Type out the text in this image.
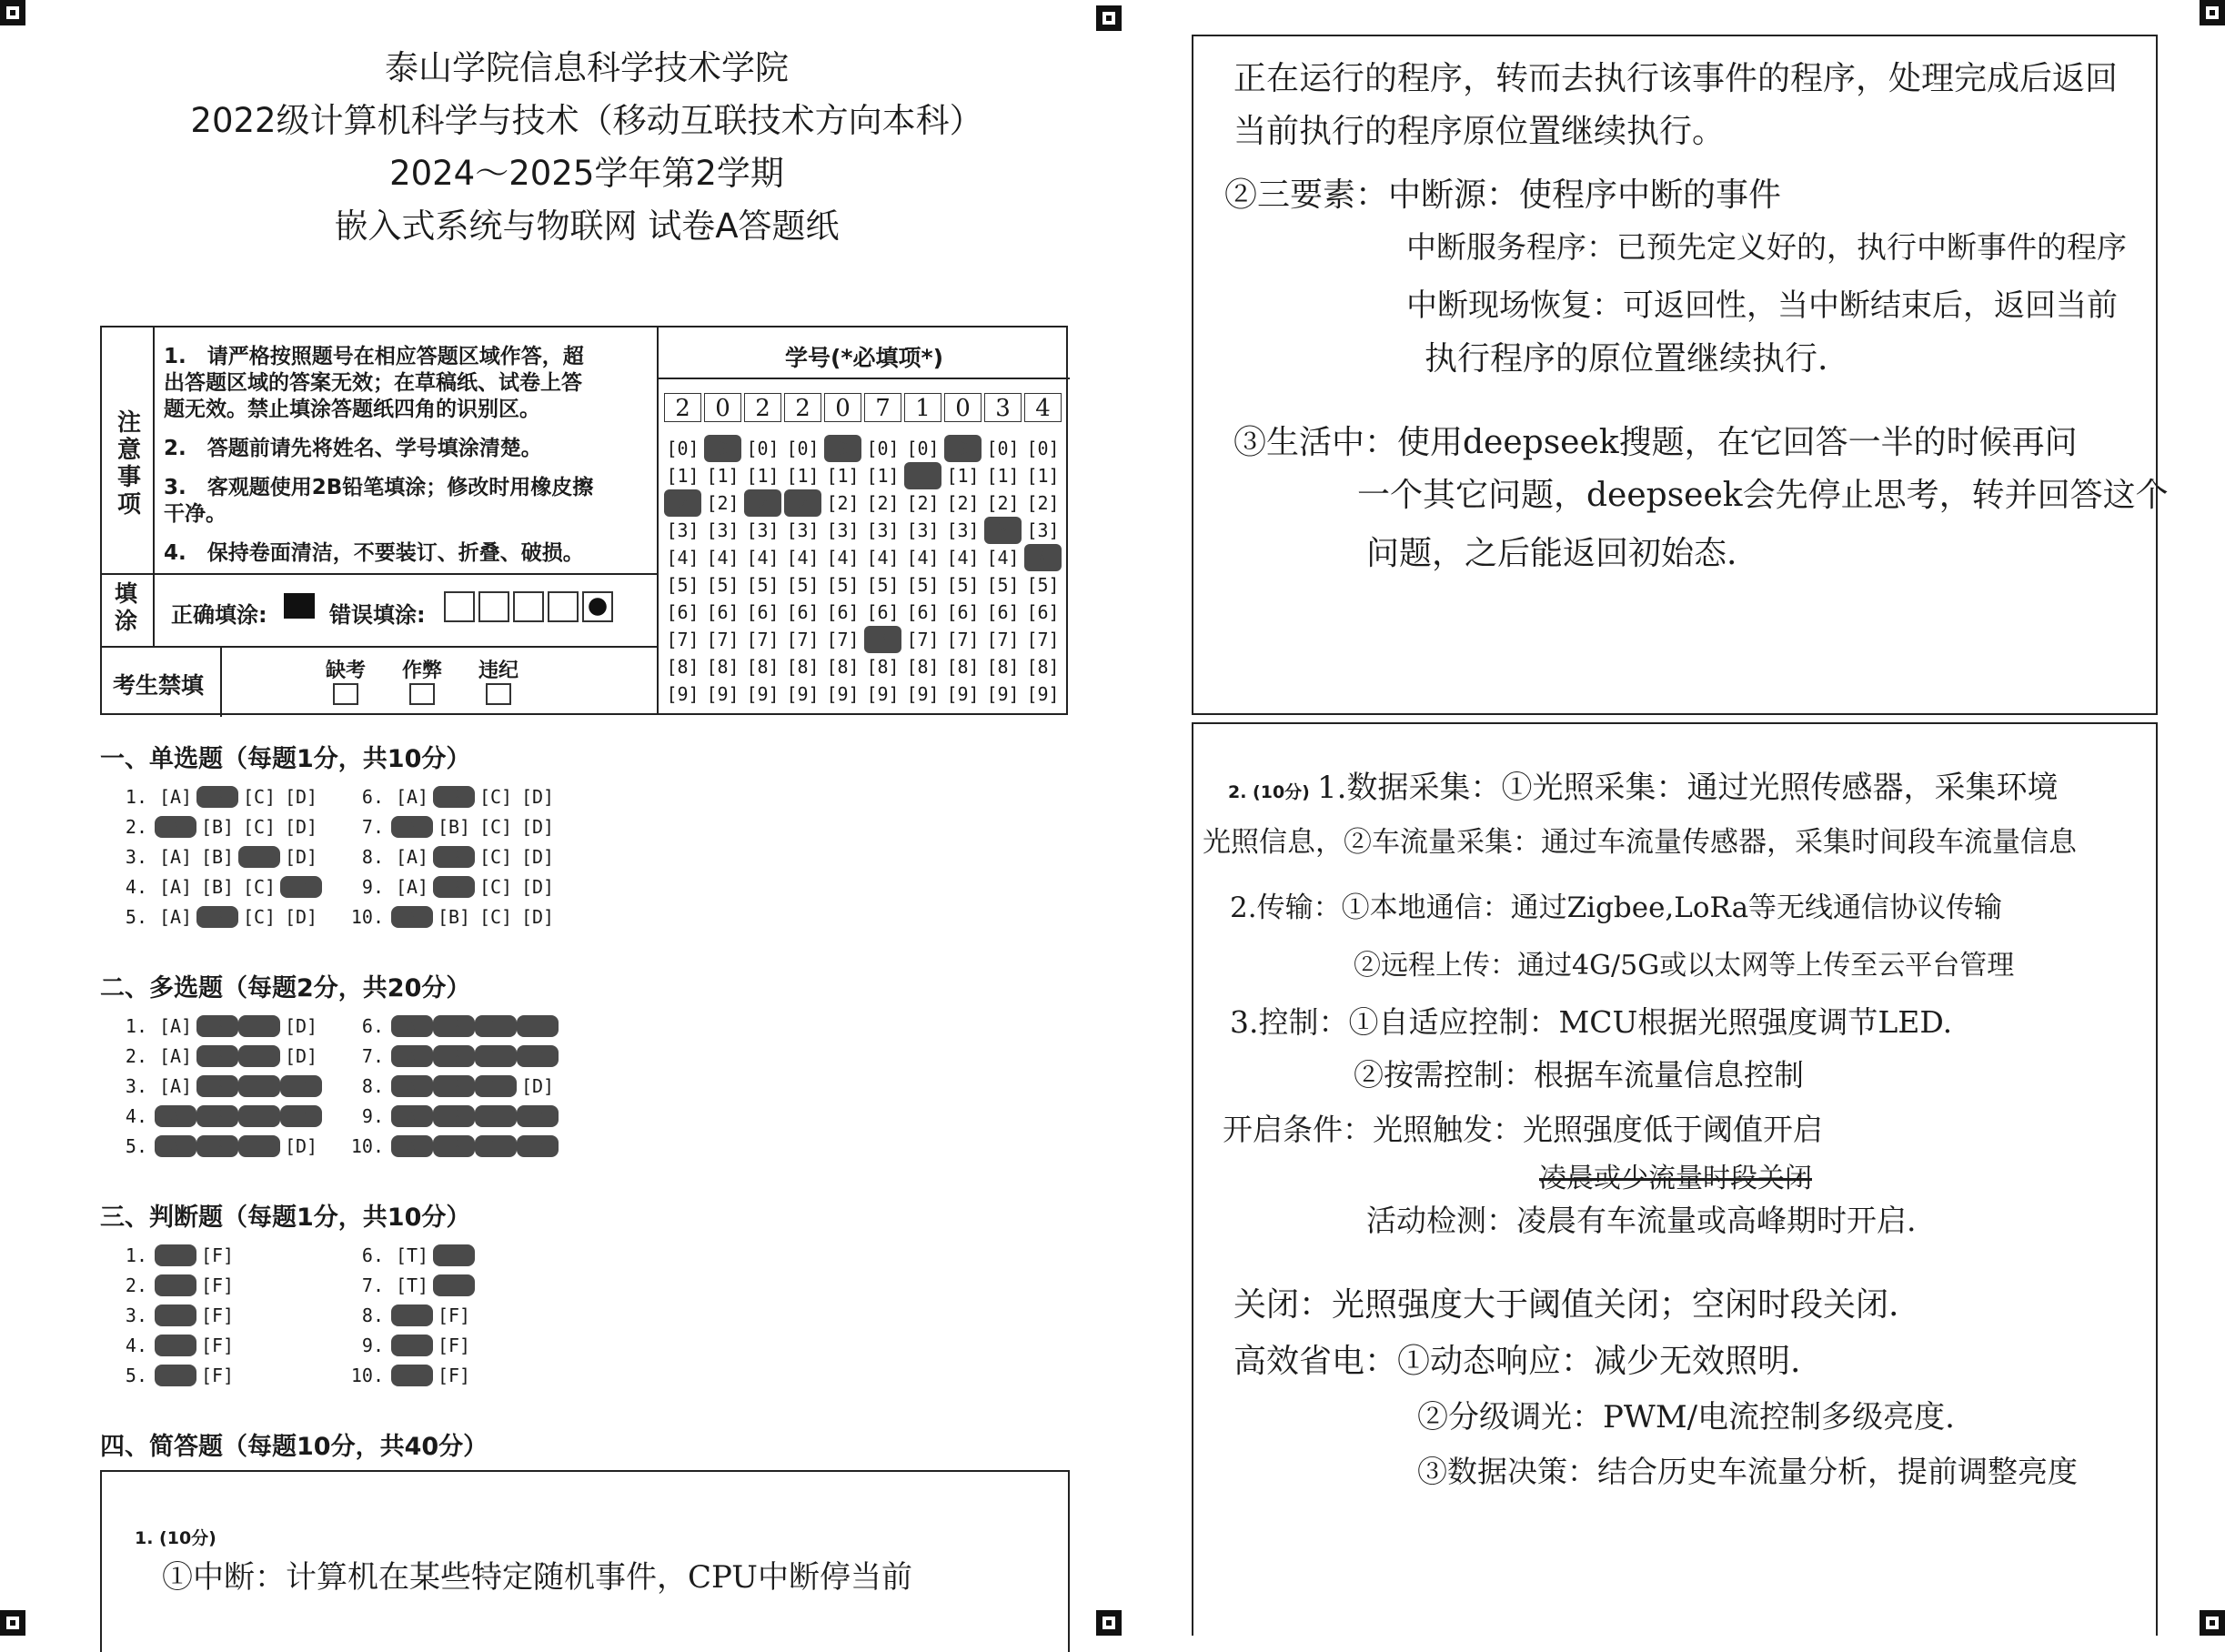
泰山学院信息科学技术学院
2022级计算机科学与技术（移动互联技术方向本科）
2024～2025学年第2学期
嵌入式系统与物联网 试卷A答题纸
注意事项
1.　请严格按照题号在相应答题区域作答，超
出答题区域的答案无效；在草稿纸、试卷上答
题无效。禁止填涂答题纸四角的识别区。
2.　答题前请先将姓名、学号填涂清楚。
3.　客观题使用2B铅笔填涂；修改时用橡皮擦
干净。
4.　保持卷面清洁，不要装订、折叠、破损。
填涂 正确填涂:	错误填涂:
考生禁填
缺考 作弊 违纪
学号(*必填项*)
2 0 2 2 0 7 1 0 3 4
[0] [0] [0] [0] [0] [0] [0] [0] [0] [0]
[1] [1] [1] [1] [1] [1] [1] [1] [1] [1]
[2] [2] [2] [2] [2] [2] [2] [2] [2] [2]
[3] [3] [3] [3] [3] [3] [3] [3] [3] [3]
[4] [4] [4] [4] [4] [4] [4] [4] [4] [4]
[5] [5] [5] [5] [5] [5] [5] [5] [5] [5]
[6] [6] [6] [6] [6] [6] [6] [6] [6] [6]
[7] [7] [7] [7] [7] [7] [7] [7] [7] [7]
[8] [8] [8] [8] [8] [8] [8] [8] [8] [8]
[9] [9] [9] [9] [9] [9] [9] [9] [9] [9]
一、单选题（每题1分，共10分）
1. [A] [B] [C] [D]
2. [A] [B] [C] [D]
3. [A] [B] [C] [D]
4. [A] [B] [C] [D]
5. [A] [B] [C] [D]
6. [A] [B] [C] [D]
7. [A] [B] [C] [D]
8. [A] [B] [C] [D]
9. [A] [B] [C] [D]
10. [A] [B] [C] [D]
二、多选题（每题2分，共20分）
1. [A] [B] [C] [D]
2. [A] [B] [C] [D]
3. [A] [B] [C] [D]
4. [A] [B] [C] [D]
5. [A] [B] [C] [D]
6. [A] [B] [C] [D]
7. [A] [B] [C] [D]
8. [A] [B] [C] [D]
9. [A] [B] [C] [D]
10. [A] [B] [C] [D]
三、判断题（每题1分，共10分）
1. [T] [F]
2. [T] [F]
3. [T] [F]
4. [T] [F]
5. [T] [F]
6. [T] [F]
7. [T] [F]
8. [T] [F]
9. [T] [F]
10. [T] [F]
四、简答题（每题10分，共40分）
1. (10分)
①中断：计算机在某些特定随机事件，CPU中断停当前
正在运行的程序，转而去执行该事件的程序，处理完成后返回
当前执行的程序原位置继续执行。
②三要素：中断源：使程序中断的事件
中断服务程序：已预先定义好的，执行中断事件的程序
中断现场恢复：可返回性，当中断结束后，返回当前
执行程序的原位置继续执行.
③生活中：使用deepseek搜题，在它回答一半的时候再问
一个其它问题，deepseek会先停止思考，转并回答这个
问题，之后能返回初始态.
2. (10分) 1.数据采集：①光照采集：通过光照传感器，采集环境
光照信息，②车流量采集：通过车流量传感器，采集时间段车流量信息
2.传输：①本地通信：通过Zigbee,LoRa等无线通信协议传输
②远程上传：通过4G/5G或以太网等上传至云平台管理
3.控制：①自适应控制：MCU根据光照强度调节LED.
②按需控制：根据车流量信息控制
开启条件：光照触发：光照强度低于阈值开启
凌晨或少流量时段关闭
活动检测：凌晨有车流量或高峰期时开启.
关闭：光照强度大于阈值关闭；空闲时段关闭.
高效省电：①动态响应：减少无效照明.
②分级调光：PWM/电流控制多级亮度.
③数据决策：结合历史车流量分析，提前调整亮度
